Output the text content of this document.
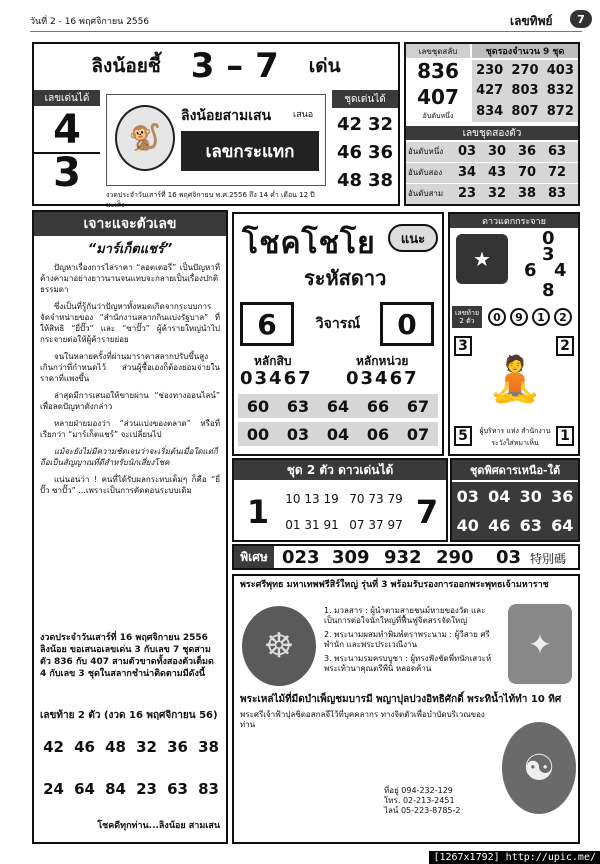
วันที่ 2 - 16 พฤศจิกายน 2556	เลขทิพย์	7
ลิงน้อยชี้ 3 – 7 เด่น
เลขเด่นได้
4
3
🐒
ลิงน้อยสามเสน เสนอ
เลขกระแทก
ชุดเด่นได้
42 32
46 36
48 38
งวดประจำวันเสาร์ที่ 16 พฤศจิกายน พ.ศ.2556 ถึง 14 ค่ำ เดือน 12 ปีมะเส็ง
เลขชุดสลับ
836
407
อันดับหนึ่ง
ชุดรองจำนวน 9 ชุด
230 270 403
427 803 832
834 807 872
เลขชุดสองตัว
อันดับหนึ่ง 03 30 36 63
อันดับสอง 34 43 70 72
อันดับสาม 23 32 38 83
เจาะแจะตัวเลข
“มาร์เก็ตแชร์”

ปัญหาเรื่องการไล่ราคา “ลอตเตอรี่” เป็นปัญหาที่ค้างคามาอย่างยาวนานจนแทบจะกลายเป็นเรื่องปกติธรรมดา

ซึ่งเป็นที่รู้กันว่าปัญหาทั้งหมดเกิดจากระบบการจัดจำหน่ายของ “สำนักงานสลากกินแบ่งรัฐบาล” ที่ให้สิทธิ “ยี่ปั๊ว” และ “ซาปั๊ว” ผู้ค้ารายใหญ่นำไปกระจายต่อให้ผู้ค้ารายย่อย

จนในหลายครั้งที่ผ่านมาราคาสลากปรับขึ้นสูงเกินกว่าที่กำหนดไว้ ส่วนผู้ซื้อเองก็ต้องยอมจ่ายในราคาที่แพงขึ้น

ล่าสุดมีการเสนอให้ขายผ่าน “ช่องทางออนไลน์” เพื่อลดปัญหาดังกล่าว

หลายฝ่ายมองว่า “ส่วนแบ่งของตลาด” หรือที่เรียกว่า “มาร์เก็ตแชร์” จะเปลี่ยนไป

แม้จะยังไม่มีความชัดเจนว่าจะเริ่มต้นเมื่อใดแต่ก็ถือเป็นสัญญาณที่ดีสำหรับนักเสี่ยงโชค

แน่นอนว่า ! คนที่ได้รับผลกระทบเต็มๆ ก็คือ “ยี่ปั๊ว ซาปั๊ว” ...เพราะเป็นการตัดตอนระบบเดิม

งวดประจำวันเสาร์ที่ 16 พฤศจิกายน 2556 ลิงน้อย ขอเสนอเลขเด่น 3 กับเลข 7 ชุดสามตัว 836 กับ 407 สามตัวขาดทั้งสองตัวเต็มด 4 กับเลข 3 ชุดในสลากชำน่าติดตามมีดังนี้
เลขท้าย 2 ตัว (งวด 16 พฤศจิกายน 56)
42 46 48 32 36 38
24 64 84 23 63 83
โชคดีทุกท่าน...ลิงน้อย สามเสน
โชคโชโย	แนะ
ระหัสดาว
6	วิจารณ์	0
หลักสิบ	หลักหน่วย
03467 03467
60 63 64 66 67
00 03 04 06 07
ดาวแตกกระจาย
★
0
3
6 4
8
เลขท้าย 2 ตัว	0	9	1	2
3	2
🧘
5	1
ผู้บริหาร แห่ง สำนักงาน
ระวังใส่หมาเห็น
ชุด 2 ตัว ดาวเด่นได้
1	10 13 19 70 73 79
01 31 91 07 37 97 7
ชุดพิศดารเหนือ-ใต้
03 04 30 36
40 46 63 64
พิเศษ 023 309 932 290 03 特別碼
พระศรีพุทธ มหาเทพฟรีสิร์ใหญ่ รุ่นที่ 3 พร้อมรับรองการออกพระพุทธเจ้ามหาราช
☸
1. มวลสาร : ผู้นำตามสายชนม์หายของวัด และเป็นการต่อใจนักใหญ่ที่ฟื้นฟูจิตสรรจัดใหญ่
2. พระนามผสมทำพิมพ์ตราพระนาม : ผู้วีสาย ศรีพำนัก และพระประเวณีงาน
3. พระนามรมครบบูชา : ผู้ทรงฟังชัดพี่ทนักเสวะห์ พระเท้านาคุณตรีพีนิ หลอดค้าน
✦
พระเหล่ไม้ที่มีดบำเพ็ญชมบารมี พญาปุลปวงอิทธิศักดิ์ พระทิน้ำไท้ทำ 10 ทิศ
พระศรีเจ้าฟ้าปุลชิตอสกลจีไว้ที่บุคคลากร ทางจิตตัวเพื่อบำบัดบริเวณของท่าน
☯
ที่อยู่ 094-232-129
โทร. 02-213-2451
ไลน์ 05-223-8785-2
[1267x1792] http://upic.me/
